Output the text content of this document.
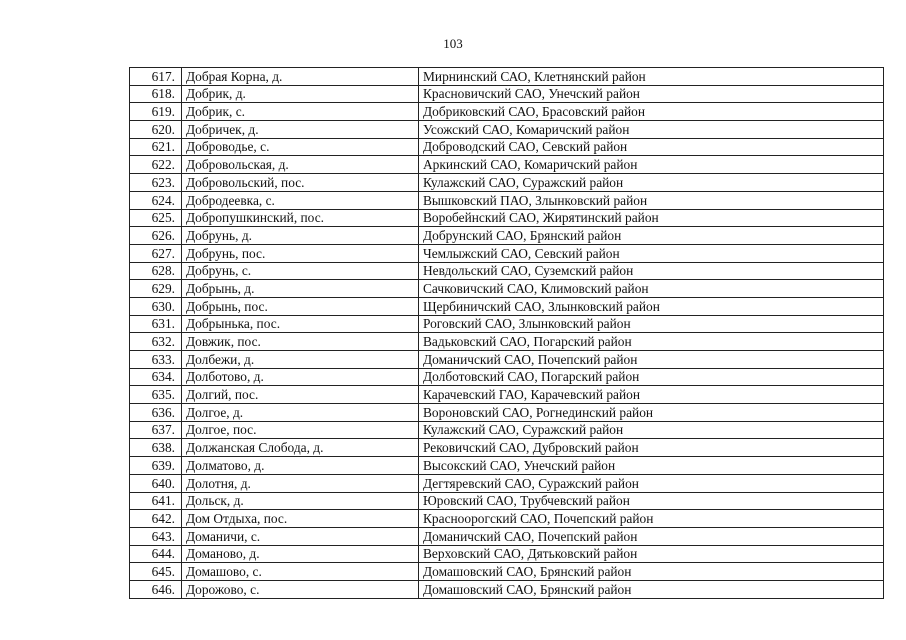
103
617.	Добрая Корна, д.	Мирнинский САО, Клетнянский район
618.	Добрик, д.	Красновичский САО, Унечский район
619.	Добрик, с.	Добриковский САО, Брасовский район
620.	Добричек, д.	Усожский САО, Комаричский район
621.	Доброводье, с.	Доброводский САО, Севский район
622.	Добровольская, д.	Аркинский САО, Комаричский район
623.	Добровольский, пос.	Кулажский САО, Суражский район
624.	Добродеевка, с.	Вышковский ПАО, Злынковский район
625.	Добропушкинский, пос.	Воробейнский САО, Жирятинский район
626.	Добрунь, д.	Добрунский САО, Брянский район
627.	Добрунь, пос.	Чемлыжский САО, Севский район
628.	Добрунь, с.	Невдольский САО, Суземский район
629.	Добрынь, д.	Сачковичский САО, Климовский район
630.	Добрынь, пос.	Щербиничский САО, Злынковский район
631.	Добрынька, пос.	Роговский САО, Злынковский район
632.	Довжик, пос.	Вадьковский САО, Погарский район
633.	Долбежи, д.	Доманичский САО, Почепский район
634.	Долботово, д.	Долботовский САО, Погарский район
635.	Долгий, пос.	Карачевский ГАО, Карачевский район
636.	Долгое, д.	Вороновский САО, Рогнединский район
637.	Долгое, пос.	Кулажский САО, Суражский район
638.	Должанская Слобода, д.	Рековичский САО, Дубровский район
639.	Долматово, д.	Высокский САО, Унечский район
640.	Долотня, д.	Дегтяревский САО, Суражский район
641.	Дольск, д.	Юровский САО, Трубчевский район
642.	Дом Отдыха, пос.	Красноорогский САО, Почепский район
643.	Доманичи, с.	Доманичский САО, Почепский район
644.	Доманово, д.	Верховский САО, Дятьковский район
645.	Домашово, с.	Домашовский САО, Брянский район
646.	Дорожово, с.	Домашовский САО, Брянский район
